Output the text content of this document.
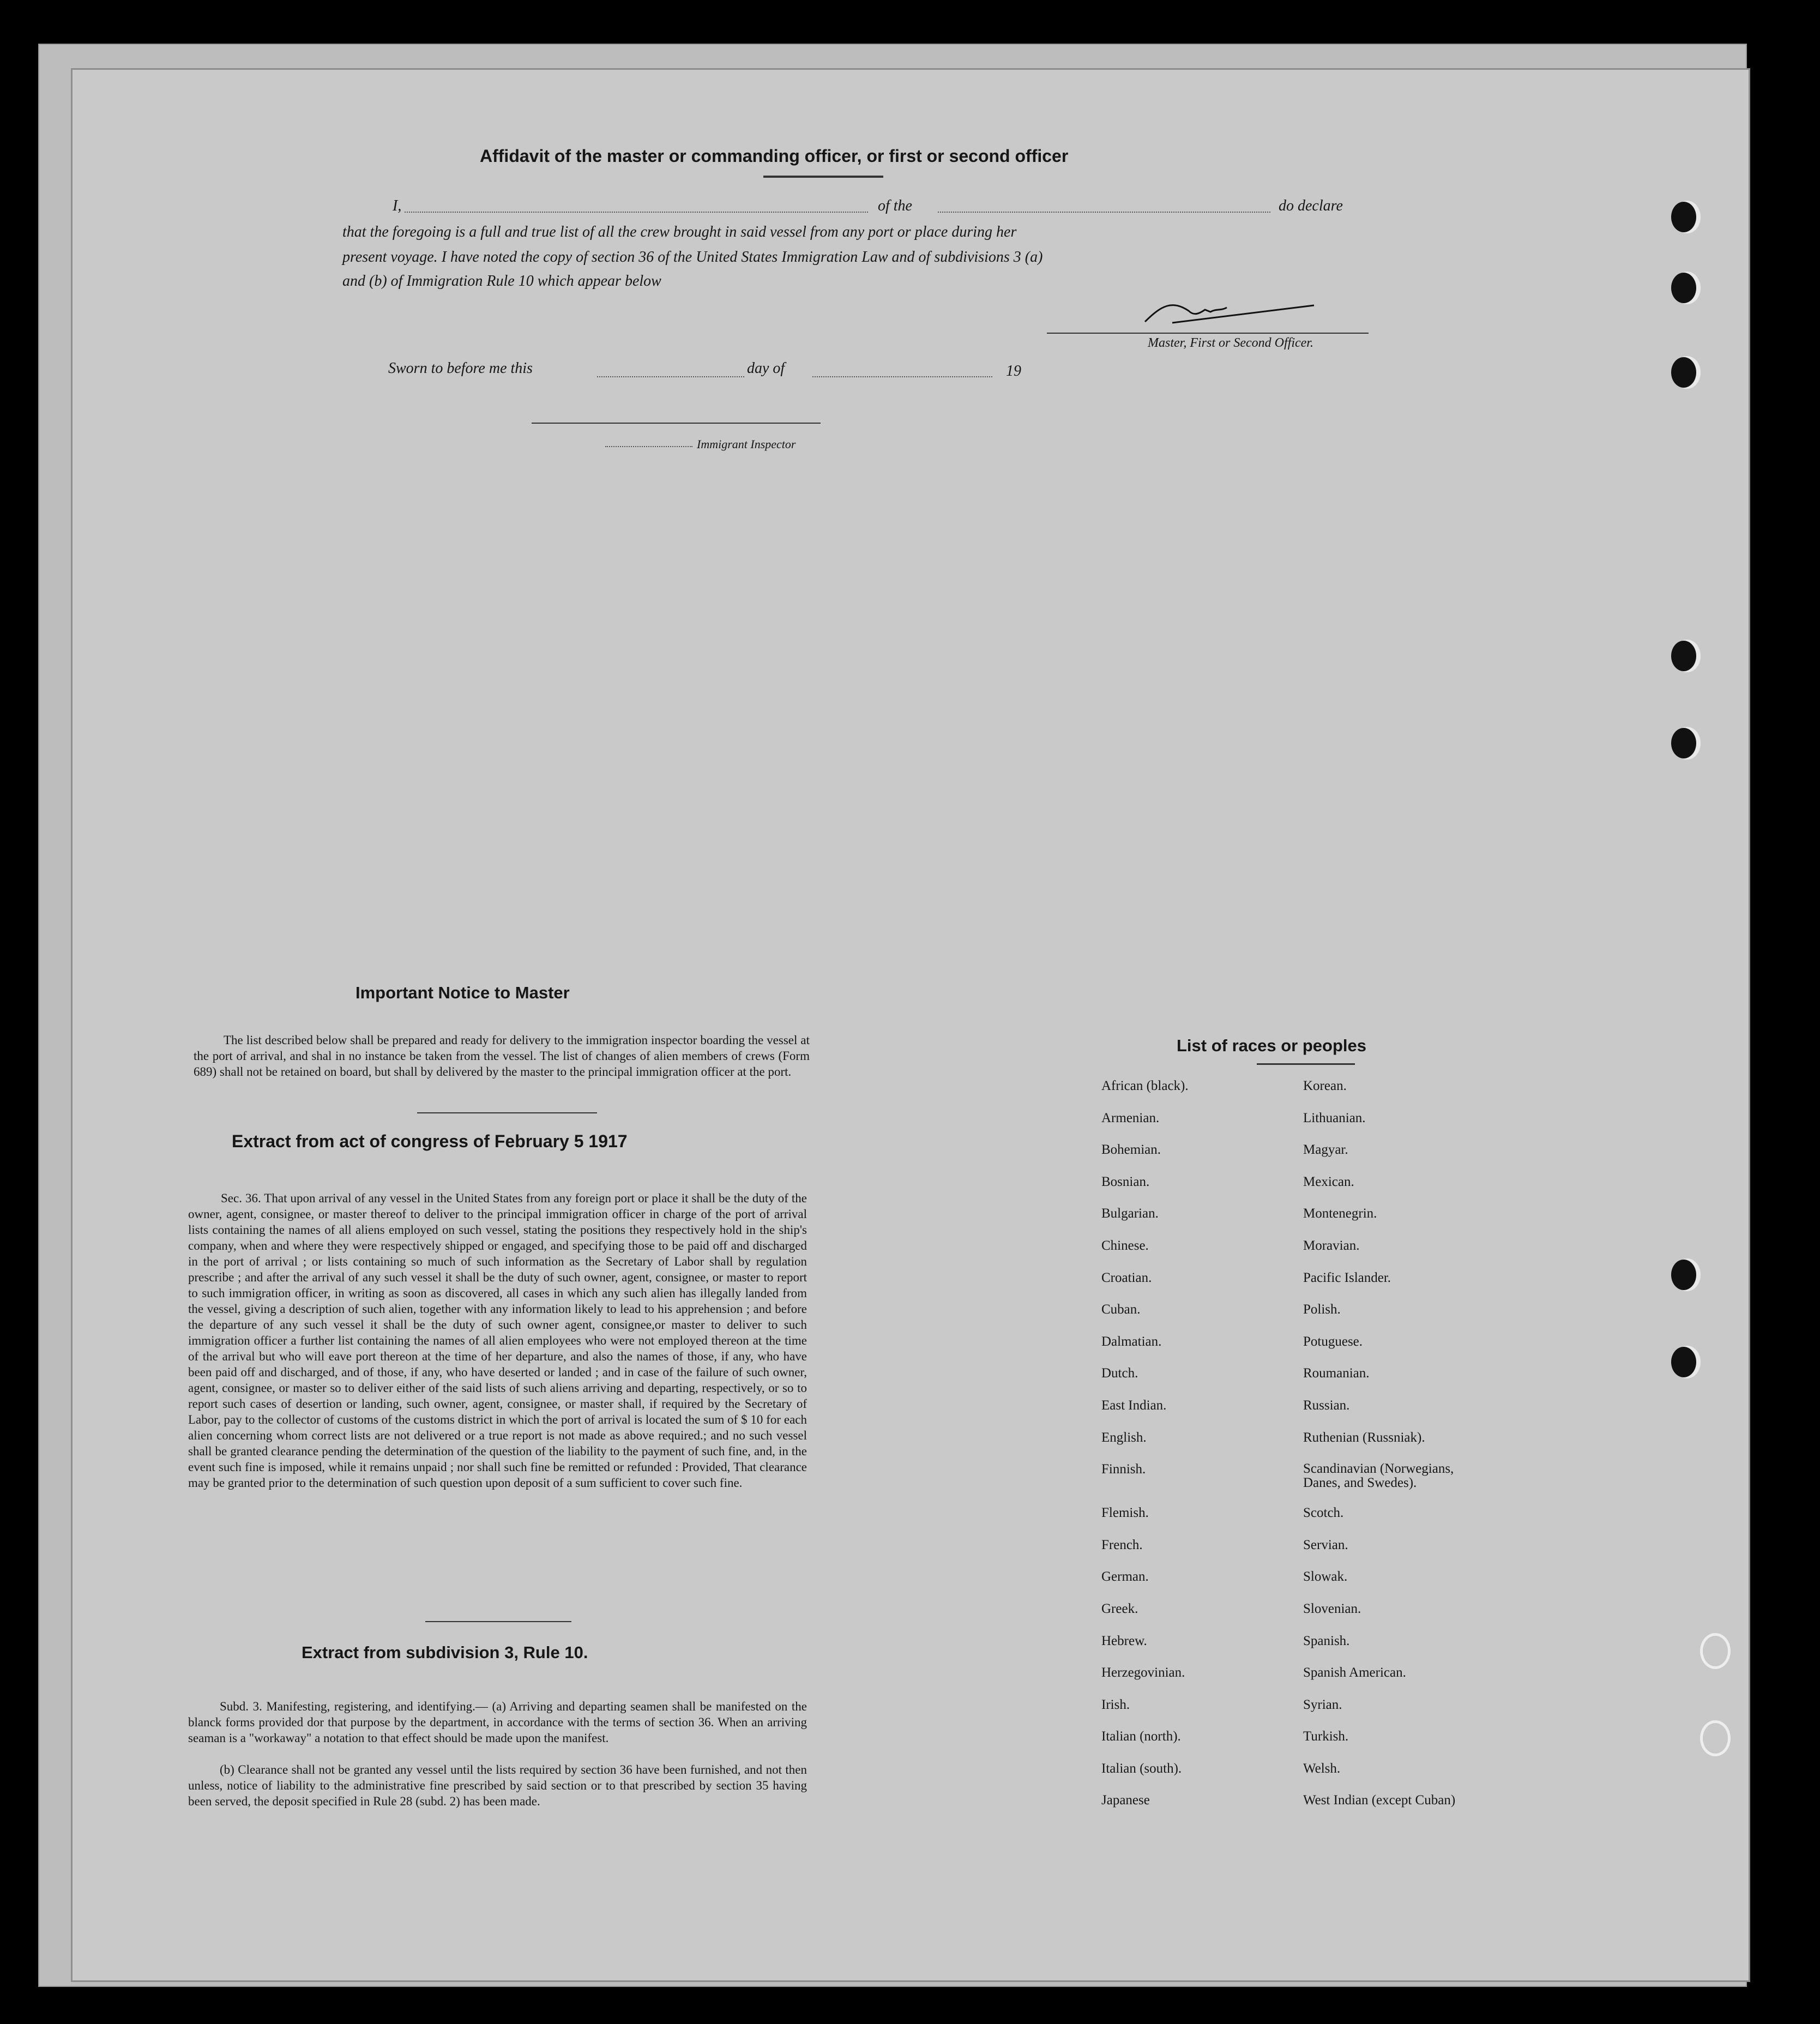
Affidavit of the master or commanding officer, or first or second officer
I,	of the	do declare
that the foregoing is a full and true list of all the crew brought in said vessel from any port or place during her
present voyage. I have noted the copy of section 36 of the United States Immigration Law and of subdivisions 3 (a)
and (b) of Immigration Rule 10 which appear below
Master, First or Second Officer.
Sworn to before me this	day of	19
Immigrant Inspector
Important Notice to Master
The list described below shall be prepared and ready for delivery to the immigration inspector boarding the vessel at the port of arrival, and shal in no instance be taken from the vessel. The list of changes of alien members of crews (Form 689) shall not be retained on board, but shall by delivered by the master to the principal immigration officer at the port.
Extract from act of congress of February 5 1917
Sec. 36. That upon arrival of any vessel in the United States from any foreign port or place it shall be the duty of the owner, agent, consignee, or master thereof to deliver to the principal immigration officer in charge of the port of arrival lists containing the names of all aliens employed on such vessel, stating the positions they respectively hold in the ship's company, when and where they were respectively shipped or engaged, and specifying those to be paid off and discharged in the port of arrival ; or lists containing so much of such information as the Secretary of Labor shall by regulation prescribe ; and after the arrival of any such vessel it shall be the duty of such owner, agent, consignee, or master to report to such immigration officer, in writing as soon as discovered, all cases in which any such alien has illegally landed from the vessel, giving a description of such alien, together with any information likely to lead to his apprehension ; and before the departure of any such vessel it shall be the duty of such owner agent, consignee,or master to deliver to such immigration officer a further list containing the names of all alien employees who were not employed thereon at the time of the arrival but who will eave port thereon at the time of her departure, and also the names of those, if any, who have been paid off and discharged, and of those, if any, who have deserted or landed ; and in case of the failure of such owner, agent, consignee, or master so to deliver either of the said lists of such aliens arriving and departing, respectively, or so to report such cases of desertion or landing, such owner, agent, consignee, or master shall, if required by the Secretary of Labor, pay to the collector of customs of the customs district in which the port of arrival is located the sum of $ 10 for each alien concerning whom correct lists are not delivered or a true report is not made as above required.; and no such vessel shall be granted clearance pending the determination of the question of the liability to the payment of such fine, and, in the event such fine is imposed, while it remains unpaid ; nor shall such fine be remitted or refunded : Provided, That clearance may be granted prior to the determination of such question upon deposit of a sum sufficient to cover such fine.
Extract from subdivision 3, Rule 10.
Subd. 3. Manifesting, registering, and identifying.— (a) Arriving and departing seamen shall be manifested on the blanck forms provided dor that purpose by the department, in accordance with the terms of section 36. When an arriving seaman is a "workaway" a notation to that effect should be made upon the manifest.
(b) Clearance shall not be granted any vessel until the lists required by section 36 have been furnished, and not then unless, notice of liability to the administrative fine prescribed by said section or to that prescribed by section 35 having been served, the deposit specified in Rule 28 (subd. 2) has been made.
List of races or peoples
African (black).	Korean.
Armenian.	Lithuanian.
Bohemian.	Magyar.
Bosnian.	Mexican.
Bulgarian.	Montenegrin.
Chinese.	Moravian.
Croatian.	Pacific Islander.
Cuban.	Polish.
Dalmatian.	Potuguese.
Dutch.	Roumanian.
East Indian.	Russian.
English.	Ruthenian (Russniak).
Finnish.	Scandinavian (Norwegians, Danes, and Swedes).
Flemish.	Scotch.
French.	Servian.
German.	Slowak.
Greek.	Slovenian.
Hebrew.	Spanish.
Herzegovinian.	Spanish American.
Irish.	Syrian.
Italian (north).	Turkish.
Italian (south).	Welsh.
Japanese	West Indian (except Cuban)
